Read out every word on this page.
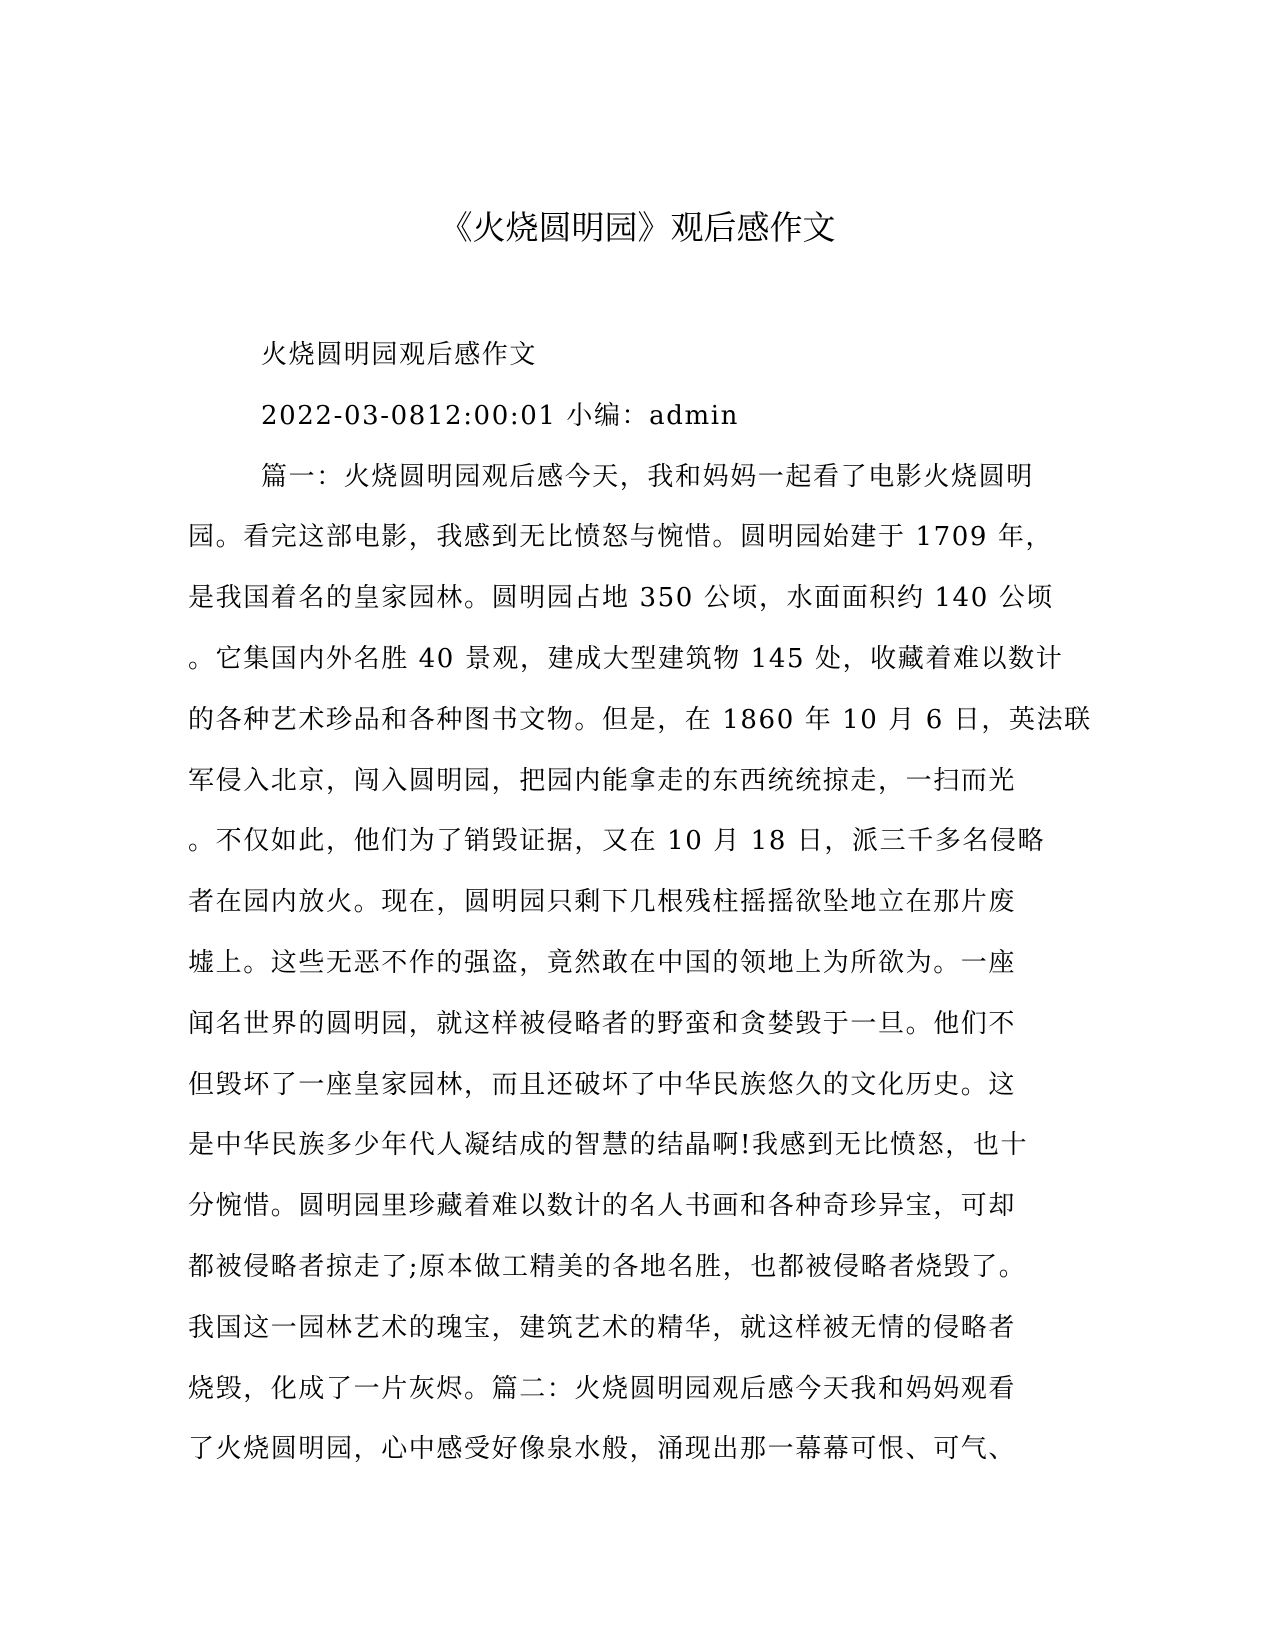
《火烧圆明园》观后感作文
火烧圆明园观后感作文
2022-03-0812:00:01 小编：admin
篇一：火烧圆明园观后感今天，我和妈妈一起看了电影火烧圆明
园。看完这部电影，我感到无比愤怒与惋惜。圆明园始建于 1709 年，
是我国着名的皇家园林。圆明园占地 350 公顷，水面面积约 140 公顷
。它集国内外名胜 40 景观，建成大型建筑物 145 处，收藏着难以数计
的各种艺术珍品和各种图书文物。但是，在 1860 年 10 月 6 日，英法联
军侵入北京，闯入圆明园，把园内能拿走的东西统统掠走，一扫而光
。不仅如此，他们为了销毁证据，又在 10 月 18 日，派三千多名侵略
者在园内放火。现在，圆明园只剩下几根残柱摇摇欲坠地立在那片废
墟上。这些无恶不作的强盗，竟然敢在中国的领地上为所欲为。一座
闻名世界的圆明园，就这样被侵略者的野蛮和贪婪毁于一旦。他们不
但毁坏了一座皇家园林，而且还破坏了中华民族悠久的文化历史。这
是中华民族多少年代人凝结成的智慧的结晶啊!我感到无比愤怒，也十
分惋惜。圆明园里珍藏着难以数计的名人书画和各种奇珍异宝，可却
都被侵略者掠走了;原本做工精美的各地名胜，也都被侵略者烧毁了。
我国这一园林艺术的瑰宝，建筑艺术的精华，就这样被无情的侵略者
烧毁，化成了一片灰烬。篇二：火烧圆明园观后感今天我和妈妈观看
了火烧圆明园，心中感受好像泉水般，涌现出那一幕幕可恨、可气、
